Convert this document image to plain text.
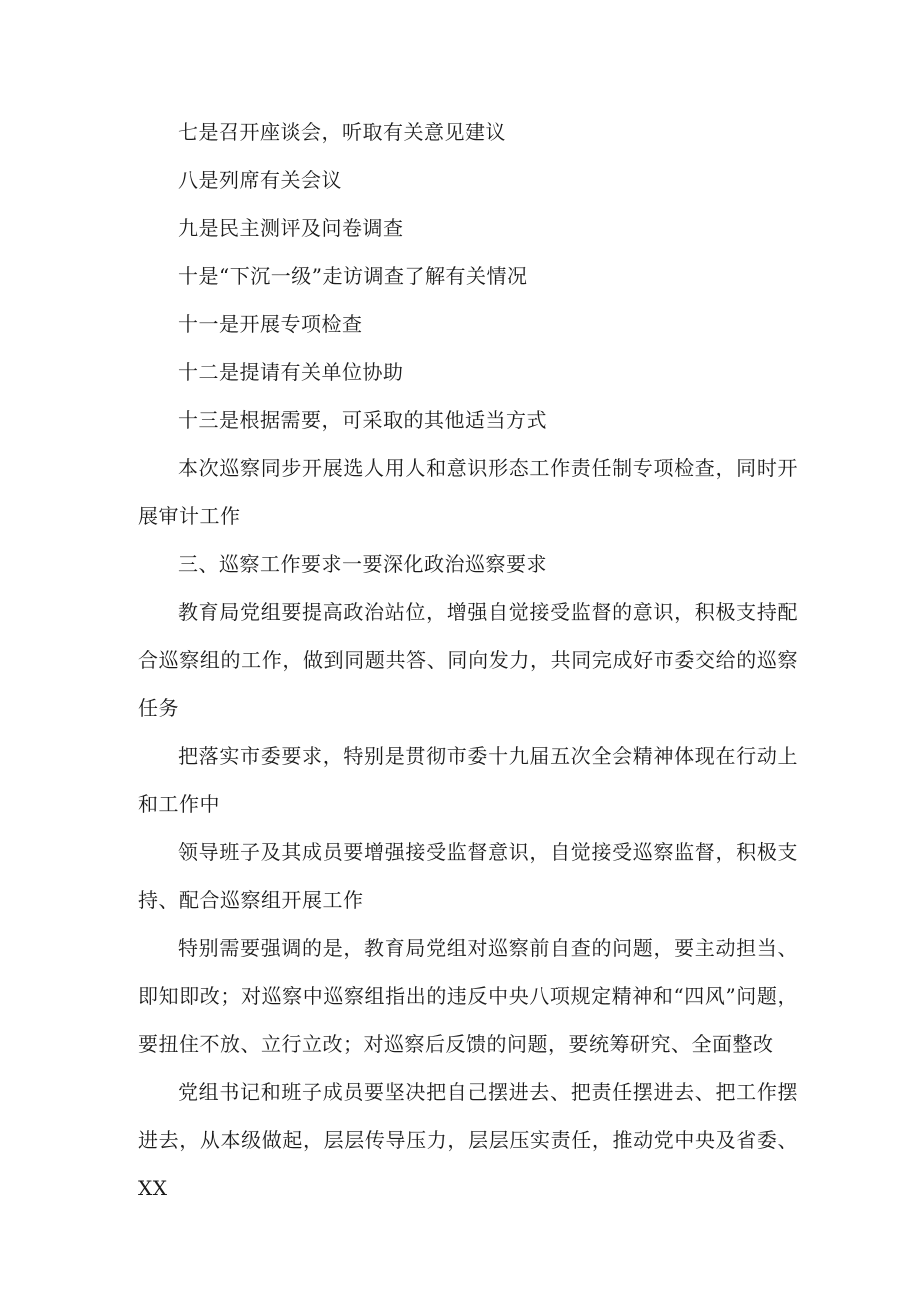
七是召开座谈会，听取有关意见建议

八是列席有关会议

九是民主测评及问卷调查

十是“下沉一级”走访调查了解有关情况

十一是开展专项检查

十二是提请有关单位协助

十三是根据需要，可采取的其他适当方式

本次巡察同步开展选人用人和意识形态工作责任制专项检查，同时开展审计工作

三、巡察工作要求一要深化政治巡察要求

教育局党组要提高政治站位，增强自觉接受监督的意识，积极支持配合巡察组的工作，做到同题共答、同向发力，共同完成好市委交给的巡察任务

把落实市委要求，特别是贯彻市委十九届五次全会精神体现在行动上和工作中

领导班子及其成员要增强接受监督意识，自觉接受巡察监督，积极支持、配合巡察组开展工作

特别需要强调的是，教育局党组对巡察前自查的问题，要主动担当、即知即改；对巡察中巡察组指出的违反中央八项规定精神和“四风”问题，要扭住不放、立行立改；对巡察后反馈的问题，要统筹研究、全面整改

党组书记和班子成员要坚决把自己摆进去、把责任摆进去、把工作摆进去，从本级做起，层层传导压力，层层压实责任，推动党中央及省委、XX
